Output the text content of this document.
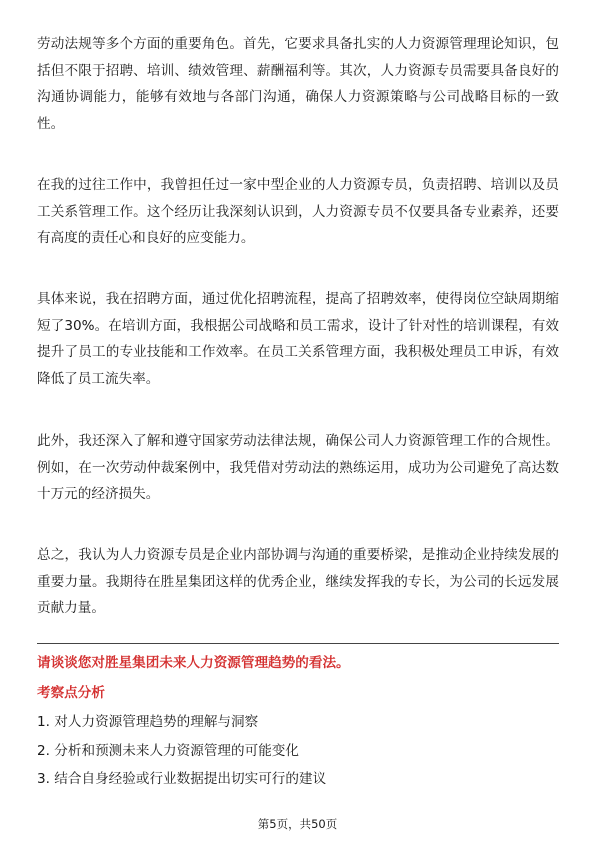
劳动法规等多个方面的重要角色。首先，它要求具备扎实的人力资源管理理论知识，包括但不限于招聘、培训、绩效管理、薪酬福利等。其次，人力资源专员需要具备良好的沟通协调能力，能够有效地与各部门沟通，确保人力资源策略与公司战略目标的一致性。

在我的过往工作中，我曾担任过一家中型企业的人力资源专员，负责招聘、培训以及员工关系管理工作。这个经历让我深刻认识到，人力资源专员不仅要具备专业素养，还要有高度的责任心和良好的应变能力。

具体来说，我在招聘方面，通过优化招聘流程，提高了招聘效率，使得岗位空缺周期缩短了30%。在培训方面，我根据公司战略和员工需求，设计了针对性的培训课程，有效提升了员工的专业技能和工作效率。在员工关系管理方面，我积极处理员工申诉，有效降低了员工流失率。

此外，我还深入了解和遵守国家劳动法律法规，确保公司人力资源管理工作的合规性。例如，在一次劳动仲裁案例中，我凭借对劳动法的熟练运用，成功为公司避免了高达数十万元的经济损失。

总之，我认为人力资源专员是企业内部协调与沟通的重要桥梁，是推动企业持续发展的重要力量。我期待在胜星集团这样的优秀企业，继续发挥我的专长，为公司的长远发展贡献力量。

请谈谈您对胜星集团未来人力资源管理趋势的看法。

考察点分析

1. 对人力资源管理趋势的理解与洞察
2. 分析和预测未来人力资源管理的可能变化
3. 结合自身经验或行业数据提出切实可行的建议
第5页，共50页
